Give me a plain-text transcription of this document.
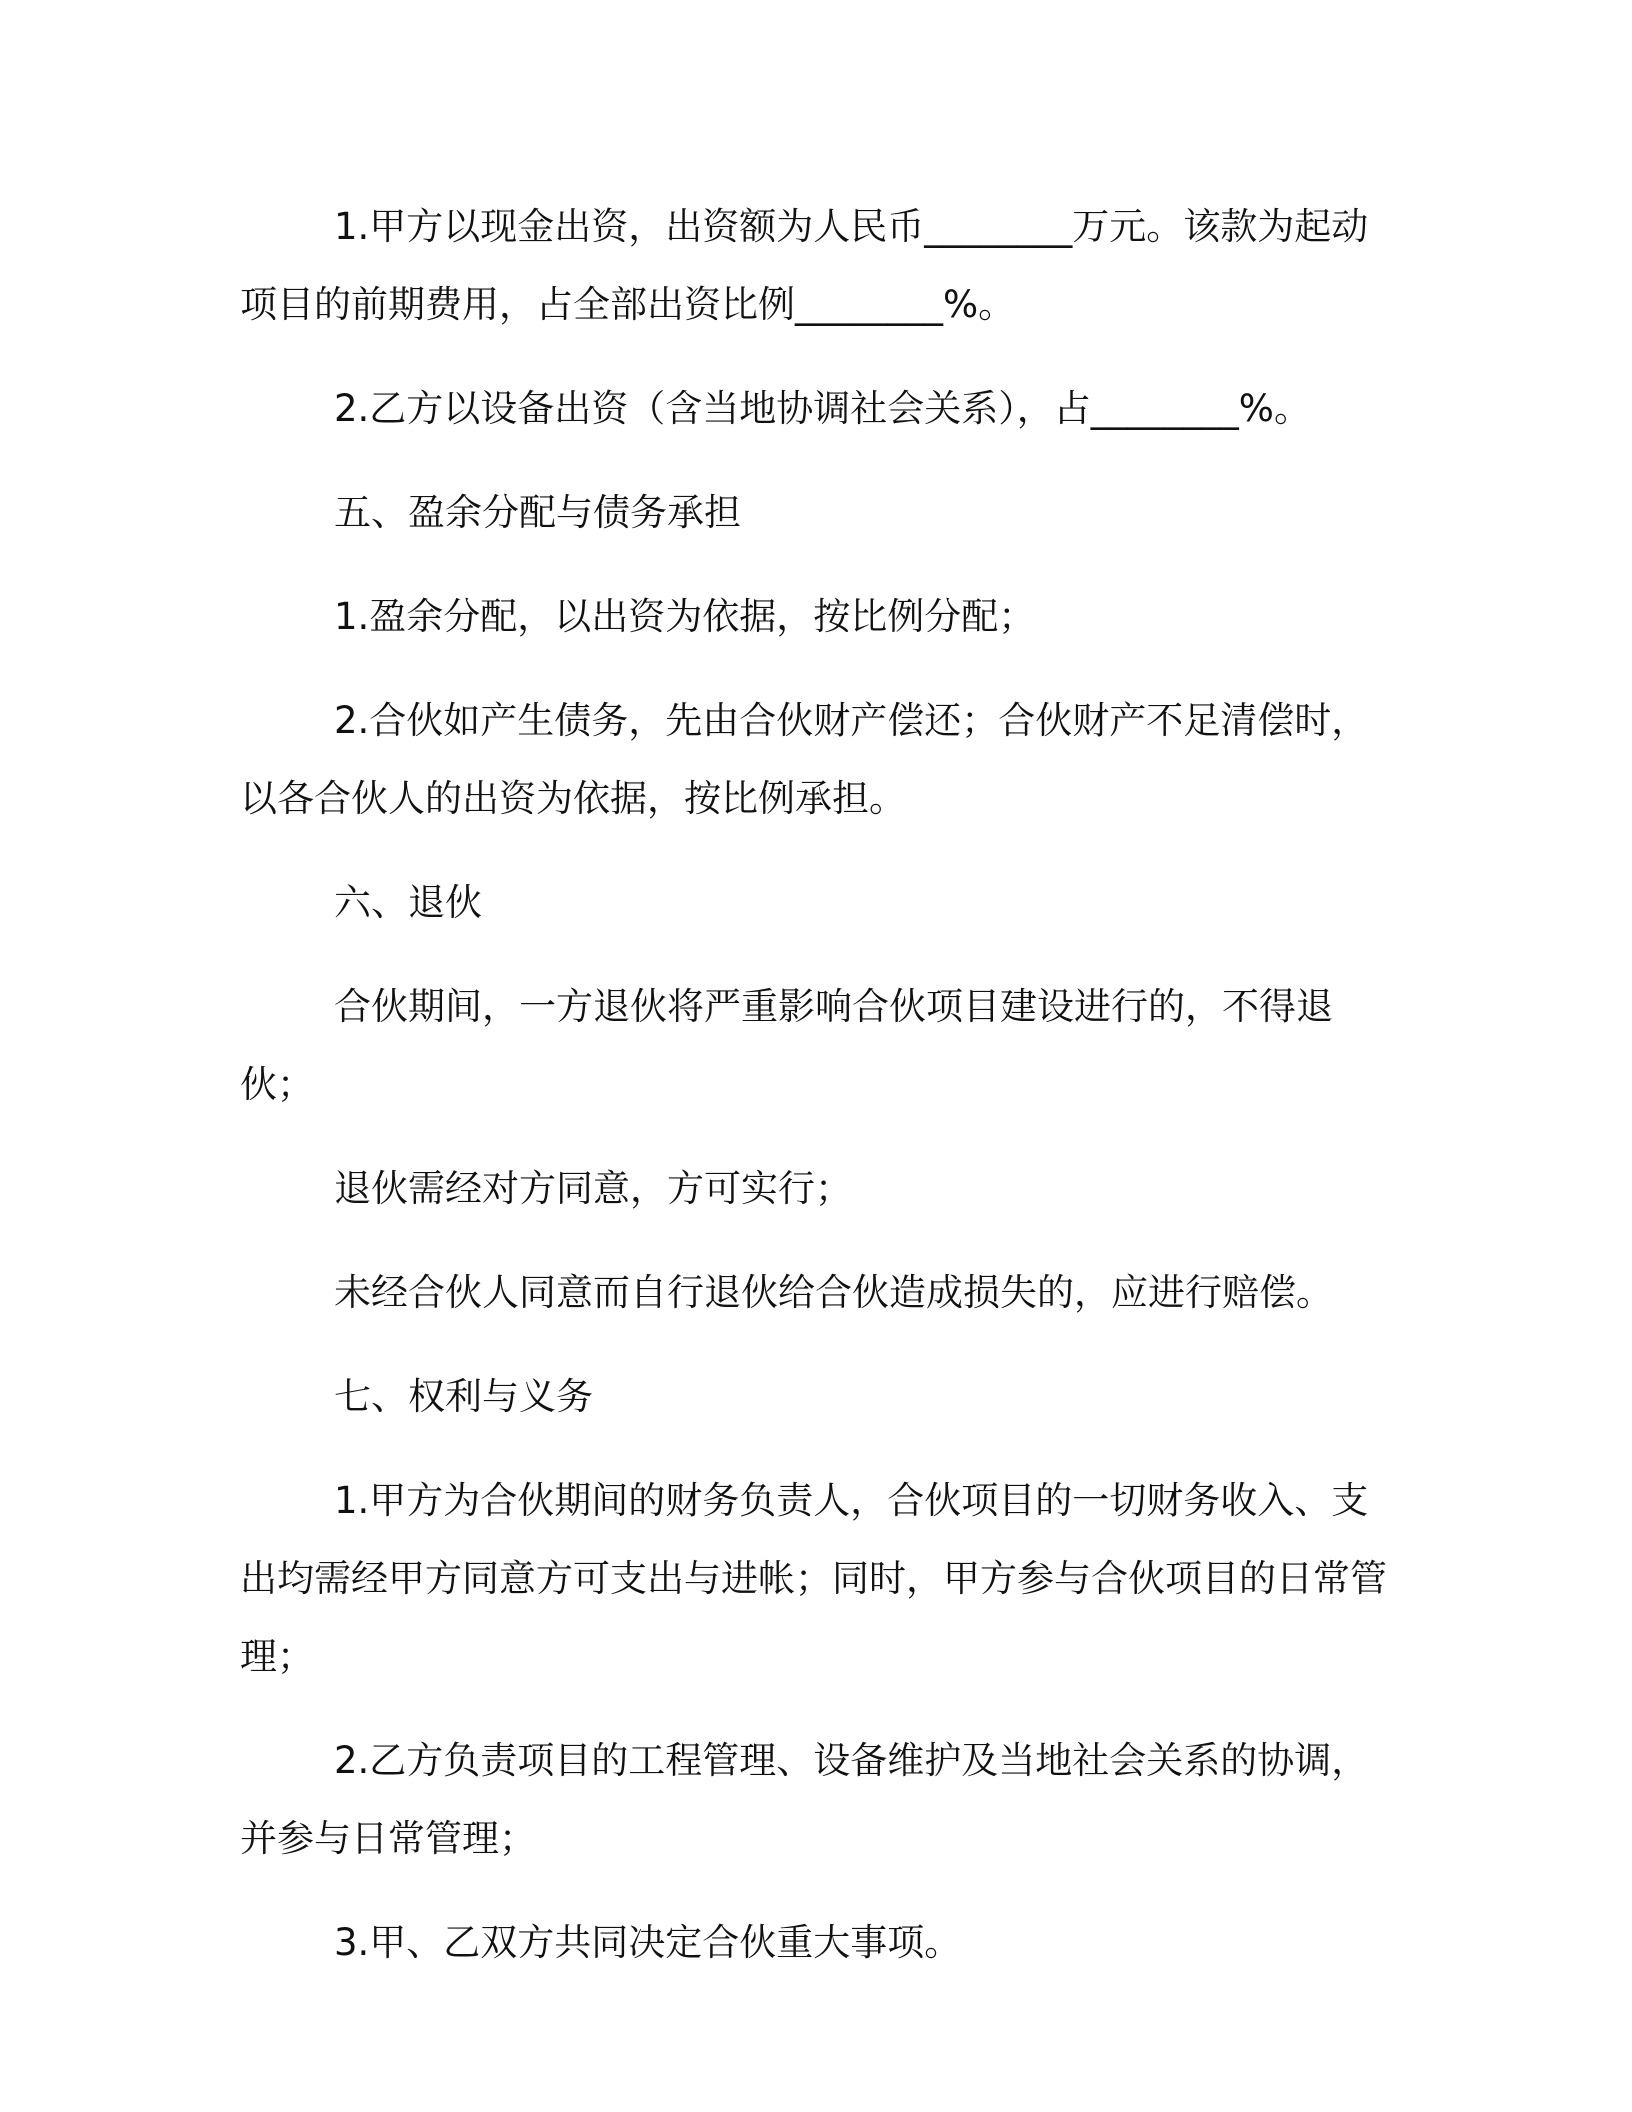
1.甲方以现金出资，出资额为人民币________万元。该款为起动项目的前期费用，占全部出资比例________%。

2.乙方以设备出资（含当地协调社会关系），占________%。

五、盈余分配与债务承担

1.盈余分配，以出资为依据，按比例分配；

2.合伙如产生债务，先由合伙财产偿还；合伙财产不足清偿时，以各合伙人的出资为依据，按比例承担。

六、退伙

合伙期间，一方退伙将严重影响合伙项目建设进行的，不得退伙；

退伙需经对方同意，方可实行；

未经合伙人同意而自行退伙给合伙造成损失的，应进行赔偿。

七、权利与义务

1.甲方为合伙期间的财务负责人，合伙项目的一切财务收入、支出均需经甲方同意方可支出与进帐；同时，甲方参与合伙项目的日常管理；

2.乙方负责项目的工程管理、设备维护及当地社会关系的协调，并参与日常管理；

3.甲、乙双方共同决定合伙重大事项。
